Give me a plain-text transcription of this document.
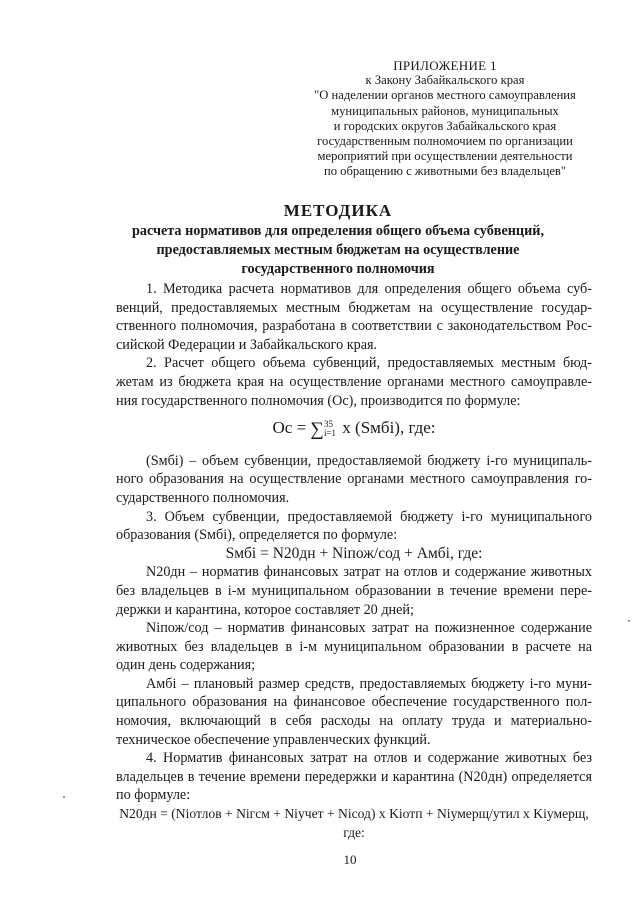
ПРИЛОЖЕНИЕ 1
к Закону Забайкальского края
"О наделении органов местного самоуправления
муниципальных районов, муниципальных
и городских округов Забайкальского края
государственным полномочием по организации
мероприятий при осуществлении деятельности
по обращению с животными без владельцев"
МЕТОДИКА
расчета нормативов для определения общего объема субвенций,
предоставляемых местным бюджетам на осуществление
государственного полномочия

1. Методика расчета нормативов для определения общего объема суб-венций, предоставляемых местным бюджетам на осуществление государ-ственного полномочия, разработана в соответствии с законодательством Рос-сийской Федерации и Забайкальского края.

2. Расчет общего объема субвенций, предоставляемых местным бюд-жетам из бюджета края на осуществление органами местного самоуправле-ния государственного полномочия (Ос), производится по формуле:

Oc = ∑35
i=1 x (Sмбi), где:

(Sмбi) – объем субвенции, предоставляемой бюджету i-го муниципаль-ного образования на осуществление органами местного самоуправления го-сударственного полномочия.

3. Объем субвенции, предоставляемой бюджету i-го муниципального образования (Sмбi), определяется по формуле:

Sмбi = N20дн + Niпож/сод + Aмбi, где:

N20дн – норматив финансовых затрат на отлов и содержание животных без владельцев в i-м муниципальном образовании в течение времени пере-держки и карантина, которое составляет 20 дней;

Niпож/сод – норматив финансовых затрат на пожизненное содержание животных без владельцев в i-м муниципальном образовании в расчете на один день содержания;

Aмбi – плановый размер средств, предоставляемых бюджету i-го муни-ципального образования на финансовое обеспечение государственного пол-номочия, включающий в себя расходы на оплату труда и материально-техническое обеспечение управленческих функций.

4. Норматив финансовых затрат на отлов и содержание животных без владельцев в течение времени передержки и карантина (N20дн) определяется по формуле:

N20дн = (Niотлов + Niгсм + Niучет + Niсод) x Kiотп + Niумерщ/утил x Kiумерщ, где:

10
